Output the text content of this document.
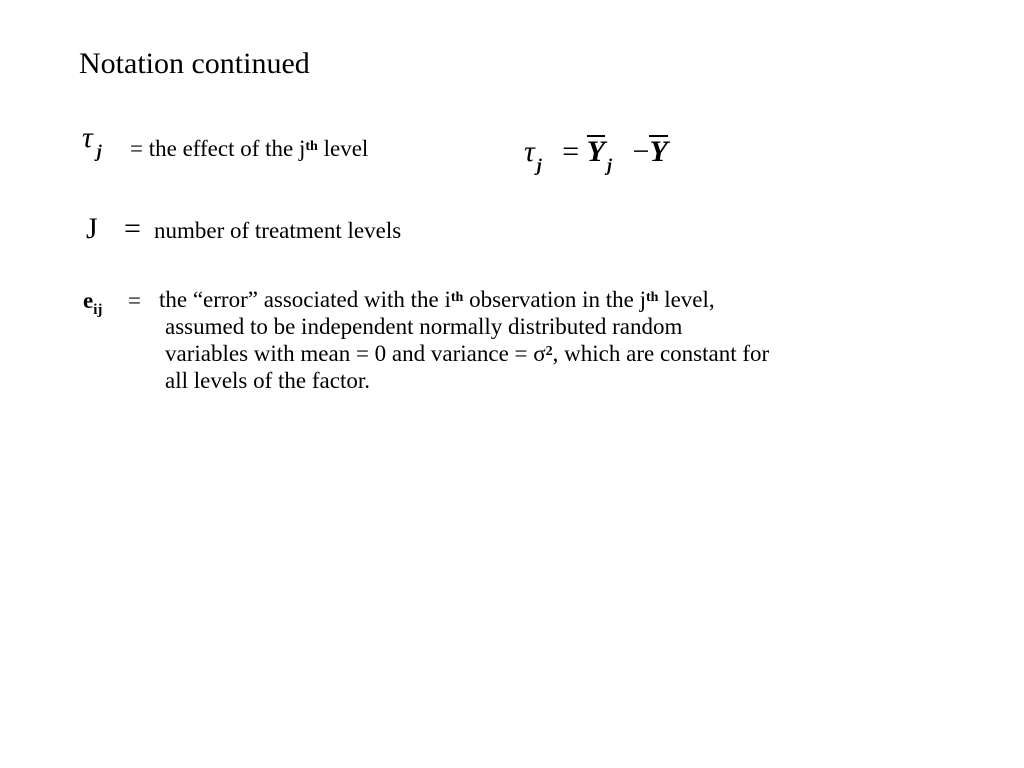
Notation continued
τ $_j$ = the effect of the $j^{th}$ level	τ $_j$ = Y $_j$ −Y
J = number of treatment levels
$e_{ij}$ = the “error” associated with the $i^{th}$ observation in the $j^{th}$ level,
assumed to be independent normally distributed random
variables with mean = 0 and variance = $\sigma^2$, which are constant for
all levels of the factor.
